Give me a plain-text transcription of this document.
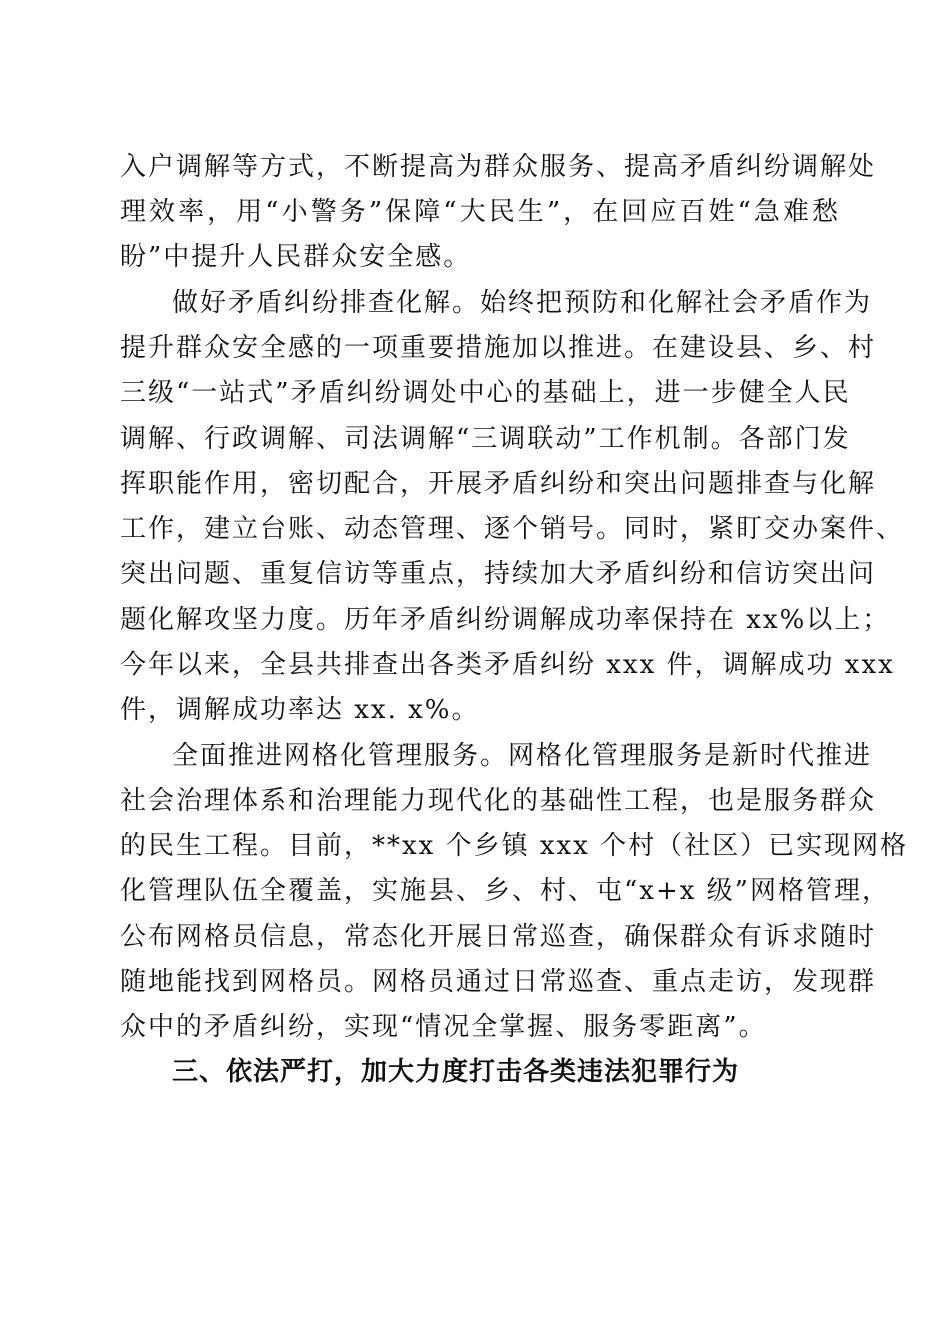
入户调解等方式，不断提高为群众服务、提高矛盾纠纷调解处
理效率，用“小警务”保障“大民生”，在回应百姓“急难愁
盼”中提升人民群众安全感。
做好矛盾纠纷排查化解。始终把预防和化解社会矛盾作为
提升群众安全感的一项重要措施加以推进。在建设县、乡、村
三级“一站式”矛盾纠纷调处中心的基础上，进一步健全人民
调解、行政调解、司法调解“三调联动”工作机制。各部门发
挥职能作用，密切配合，开展矛盾纠纷和突出问题排查与化解
工作，建立台账、动态管理、逐个销号。同时，紧盯交办案件、
突出问题、重复信访等重点，持续加大矛盾纠纷和信访突出问
题化解攻坚力度。历年矛盾纠纷调解成功率保持在 xx%以上；
今年以来，全县共排查出各类矛盾纠纷 xxx 件，调解成功 xxx
件，调解成功率达 xx. x%。
全面推进网格化管理服务。网格化管理服务是新时代推进
社会治理体系和治理能力现代化的基础性工程，也是服务群众
的民生工程。目前，**xx 个乡镇 xxx 个村（社区）已实现网格
化管理队伍全覆盖，实施县、乡、村、屯“x+x 级”网格管理，
公布网格员信息，常态化开展日常巡查，确保群众有诉求随时
随地能找到网格员。网格员通过日常巡查、重点走访，发现群
众中的矛盾纠纷，实现“情况全掌握、服务零距离”。
三、依法严打，加大力度打击各类违法犯罪行为
